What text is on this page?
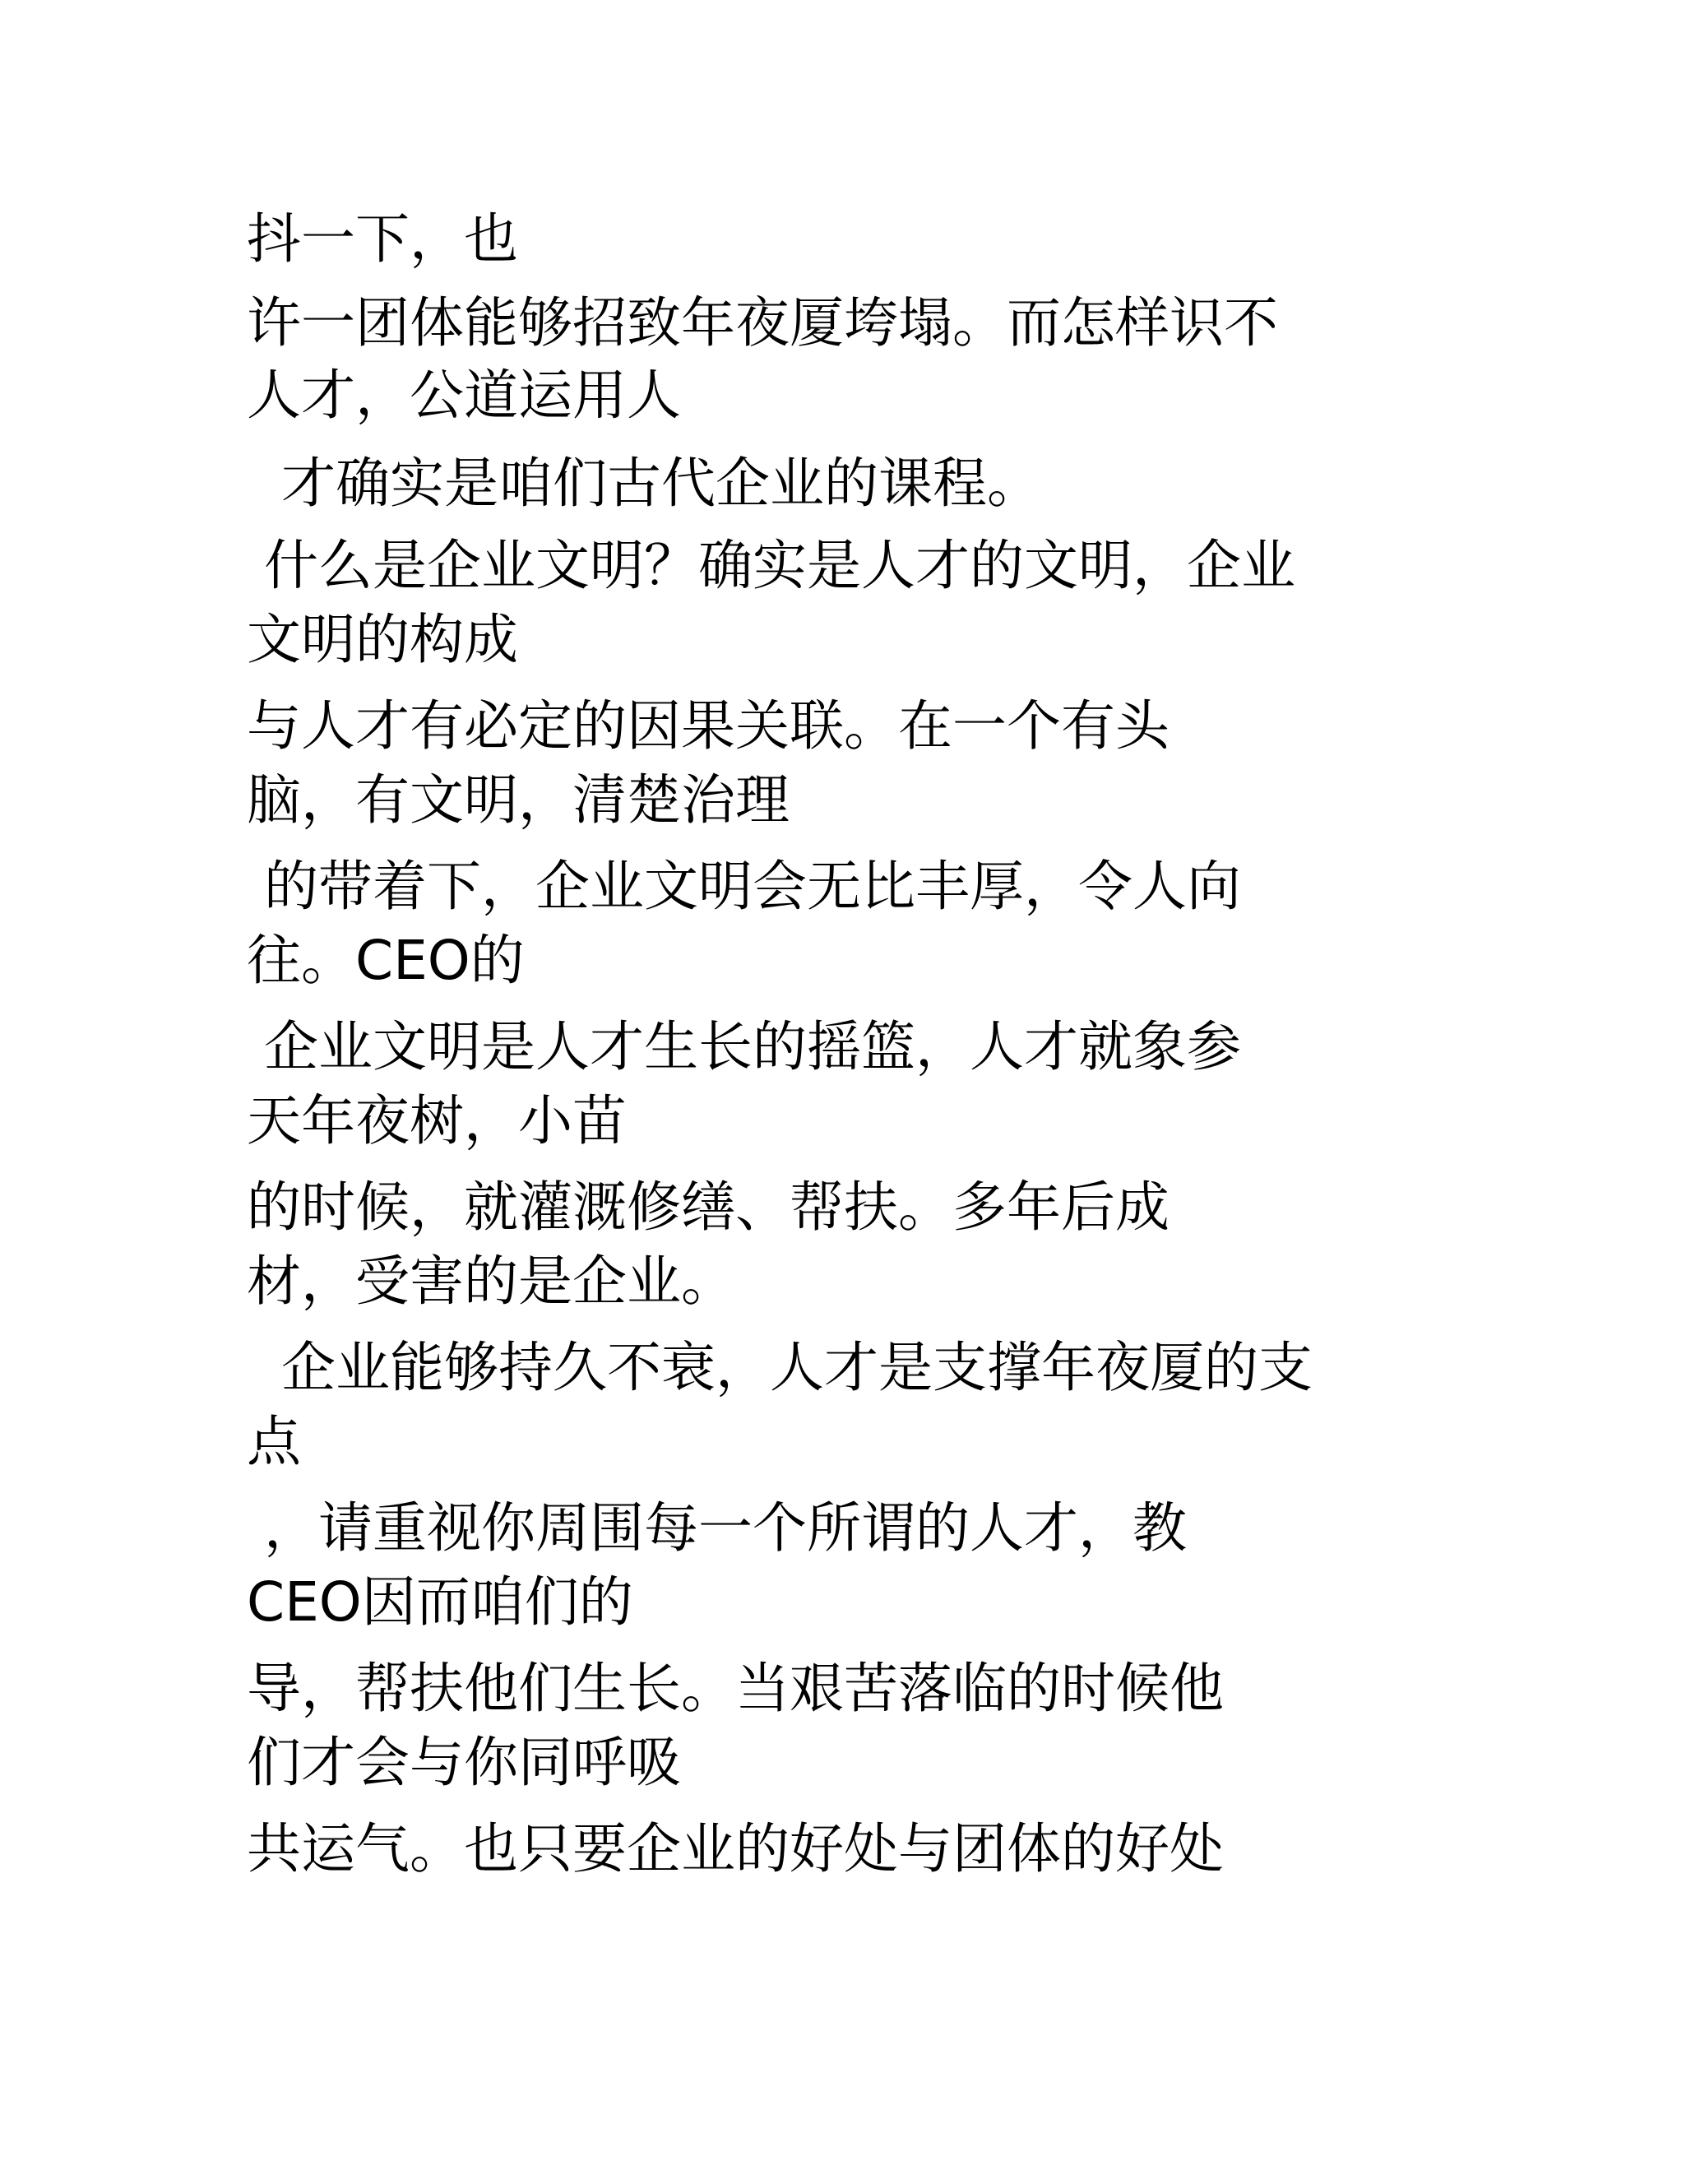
抖一下，也

许一团体能够招致年夜厦垮塌。而怎样识不

人才，公道运用人

才确实是咱们古代企业的课程。

什么是企业文明？确实是人才的文明，企业

文明的构成

与人才有必定的因果关联。在一个有头

脑，有文明，清楚治理

的带着下，企业文明会无比丰厚，令人向

往。CEO的

企业文明是人才生长的摇篮，人才就象参

天年夜树，小苗

的时候，就灌溉修缮、帮扶。多年后成

材，受害的是企业。

企业能够持久不衰，人才是支撑年夜厦的支

点

，请重视你周围每一个所谓的人才，教

CEO因而咱们的

导，帮扶他们生长。当艰苦落临的时候他

们才会与你同呼吸

共运气。也只要企业的好处与团体的好处
